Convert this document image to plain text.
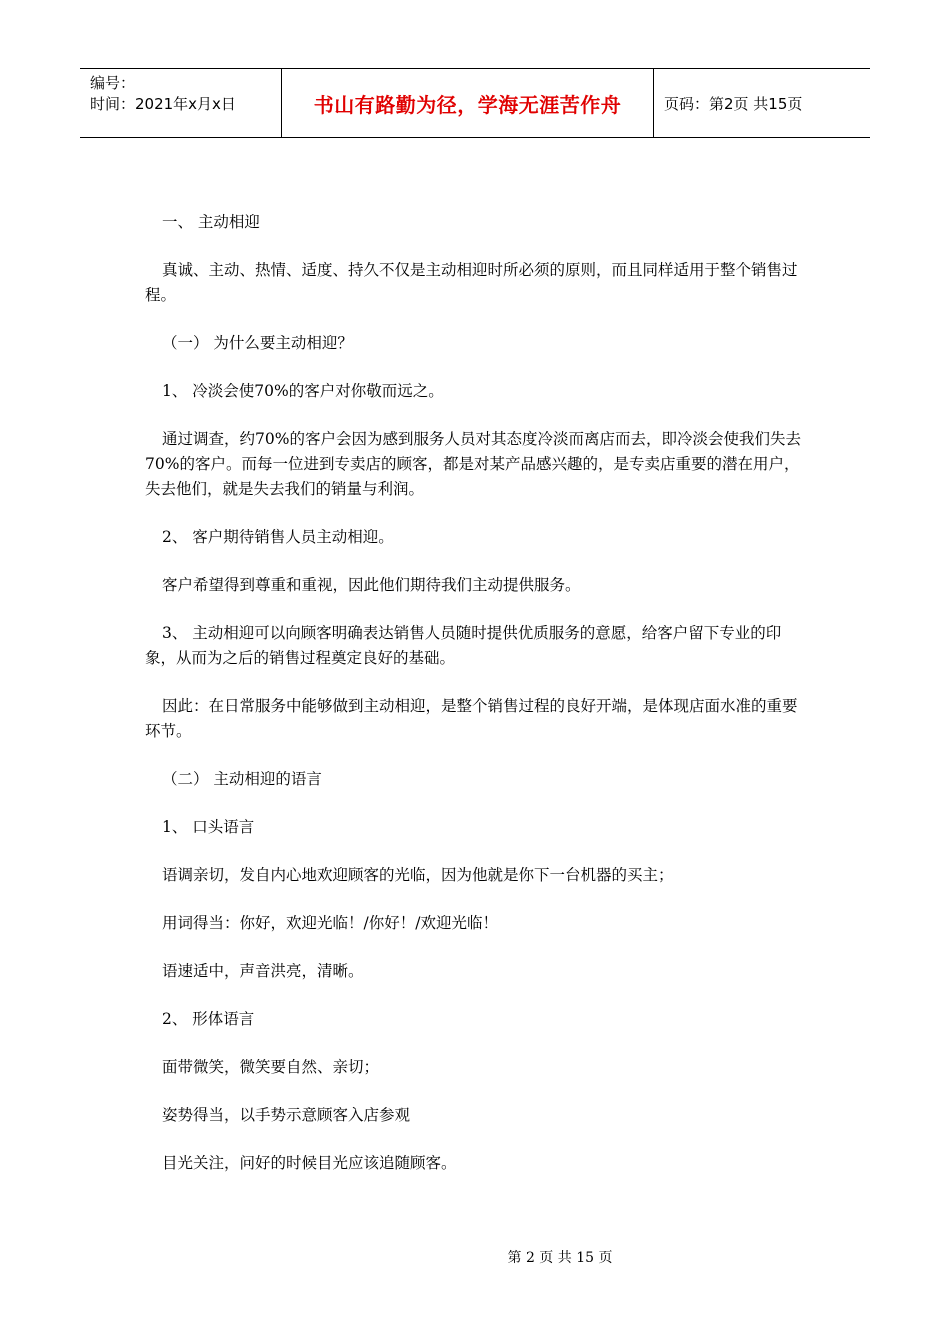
编号：
时间：2021年x月x日	书山有路勤为径，学海无涯苦作舟	页码：第2页 共15页

一、 主动相迎

真诚、主动、热情、适度、持久不仅是主动相迎时所必须的原则，而且同样适用于整个销售过程。

（一） 为什么要主动相迎？

1、 冷淡会使70%的客户对你敬而远之。

通过调查，约70%的客户会因为感到服务人员对其态度冷淡而离店而去，即冷淡会使我们失去70%的客户。而每一位进到专卖店的顾客，都是对某产品感兴趣的，是专卖店重要的潜在用户，失去他们，就是失去我们的销量与利润。

2、 客户期待销售人员主动相迎。

客户希望得到尊重和重视，因此他们期待我们主动提供服务。

3、 主动相迎可以向顾客明确表达销售人员随时提供优质服务的意愿，给客户留下专业的印象，从而为之后的销售过程奠定良好的基础。

因此：在日常服务中能够做到主动相迎，是整个销售过程的良好开端，是体现店面水准的重要环节。

（二） 主动相迎的语言

1、 口头语言

语调亲切，发自内心地欢迎顾客的光临，因为他就是你下一台机器的买主；

用词得当：你好，欢迎光临！/你好！/欢迎光临！

语速适中，声音洪亮，清晰。

2、 形体语言

面带微笑，微笑要自然、亲切；

姿势得当，以手势示意顾客入店参观

目光关注，问好的时候目光应该追随顾客。

第 2 页 共 15 页
